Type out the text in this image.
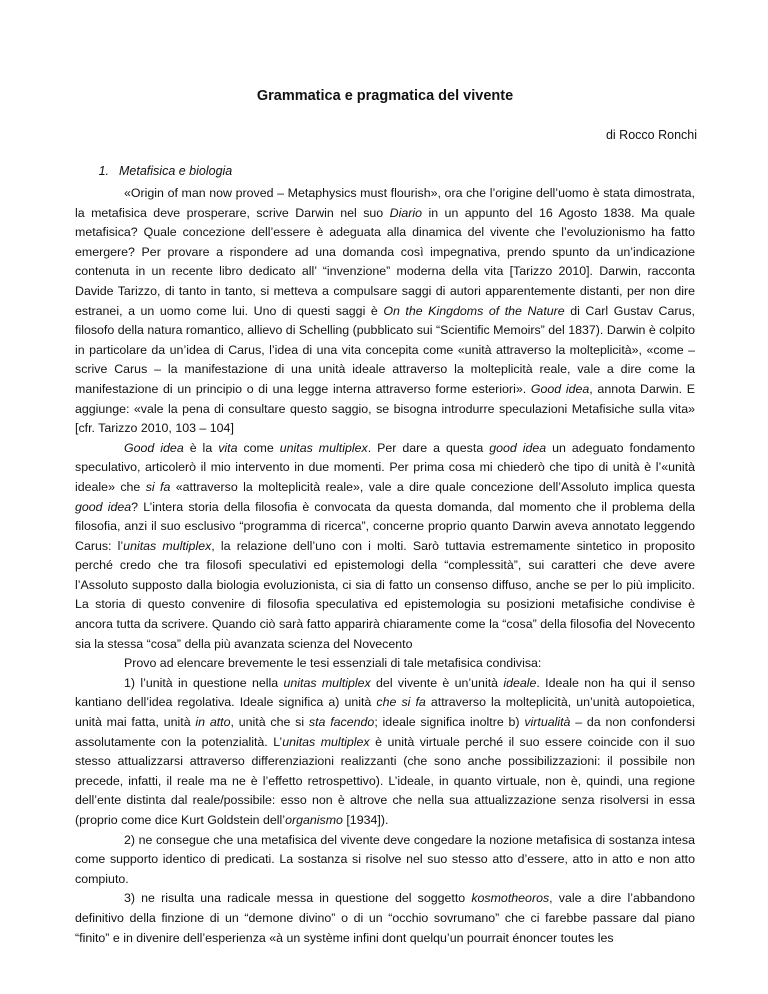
Grammatica e pragmatica del vivente
di Rocco Ronchi
1. Metafisica e biologia

«Origin of man now proved – Metaphysics must flourish», ora che l’origine dell’uomo è stata dimostrata, la metafisica deve prosperare, scrive Darwin nel suo Diario in un appunto del 16 Agosto 1838. Ma quale metafisica? Quale concezione dell’essere è adeguata alla dinamica del vivente che l’evoluzionismo ha fatto emergere? Per provare a rispondere ad una domanda così impegnativa, prendo spunto da un’indicazione contenuta in un recente libro dedicato all’ “invenzione” moderna della vita [Tarizzo 2010]. Darwin, racconta Davide Tarizzo, di tanto in tanto, si metteva a compulsare saggi di autori apparentemente distanti, per non dire estranei, a un uomo come lui. Uno di questi saggi è On the Kingdoms of the Nature di Carl Gustav Carus, filosofo della natura romantico, allievo di Schelling (pubblicato sui “Scientific Memoirs” del 1837). Darwin è colpito in particolare da un’idea di Carus, l’idea di una vita concepita come «unità attraverso la molteplicità», «come – scrive Carus – la manifestazione di una unità ideale attraverso la molteplicità reale, vale a dire come la manifestazione di un principio o di una legge interna attraverso forme esteriori». Good idea, annota Darwin. E aggiunge: «vale la pena di consultare questo saggio, se bisogna introdurre speculazioni Metafisiche sulla vita» [cfr. Tarizzo 2010, 103 – 104]

Good idea è la vita come unitas multiplex. Per dare a questa good idea un adeguato fondamento speculativo, articolerò il mio intervento in due momenti. Per prima cosa mi chiederò che tipo di unità è l’«unità ideale» che si fa «attraverso la molteplicità reale», vale a dire quale concezione dell’Assoluto implica questa good idea? L’intera storia della filosofia è convocata da questa domanda, dal momento che il problema della filosofia, anzi il suo esclusivo “programma di ricerca”, concerne proprio quanto Darwin aveva annotato leggendo Carus: l’unitas multiplex, la relazione dell’uno con i molti. Sarò tuttavia estremamente sintetico in proposito perché credo che tra filosofi speculativi ed epistemologi della “complessità”, sui caratteri che deve avere l’Assoluto supposto dalla biologia evoluzionista, ci sia di fatto un consenso diffuso, anche se per lo più implicito. La storia di questo convenire di filosofia speculativa ed epistemologia su posizioni metafisiche condivise è ancora tutta da scrivere. Quando ciò sarà fatto apparirà chiaramente come la “cosa” della filosofia del Novecento sia la stessa “cosa” della più avanzata scienza del Novecento

Provo ad elencare brevemente le tesi essenziali di tale metafisica condivisa:

1) l’unità in questione nella unitas multiplex del vivente è un’unità ideale. Ideale non ha qui il senso kantiano dell’idea regolativa. Ideale significa a) unità che si fa attraverso la molteplicità, un’unità autopoietica, unità mai fatta, unità in atto, unità che si sta facendo; ideale significa inoltre b) virtualità – da non confondersi assolutamente con la potenzialità. L’unitas multiplex è unità virtuale perché il suo essere coincide con il suo stesso attualizzarsi attraverso differenziazioni realizzanti (che sono anche possibilizzazioni: il possibile non precede, infatti, il reale ma ne è l’effetto retrospettivo). L’ideale, in quanto virtuale, non è, quindi, una regione dell’ente distinta dal reale/possibile: esso non è altrove che nella sua attualizzazione senza risolversi in essa (proprio come dice Kurt Goldstein dell’organismo [1934]).

2) ne consegue che una metafisica del vivente deve congedare la nozione metafisica di sostanza intesa come supporto identico di predicati. La sostanza si risolve nel suo stesso atto d’essere, atto in atto e non atto compiuto.

3) ne risulta una radicale messa in questione del soggetto kosmotheoros, vale a dire l’abbandono definitivo della finzione di un “demone divino” o di un “occhio sovrumano” che ci farebbe passare dal piano “finito” e in divenire dell’esperienza «à un système infini dont quelqu’un pourrait énoncer toutes les
